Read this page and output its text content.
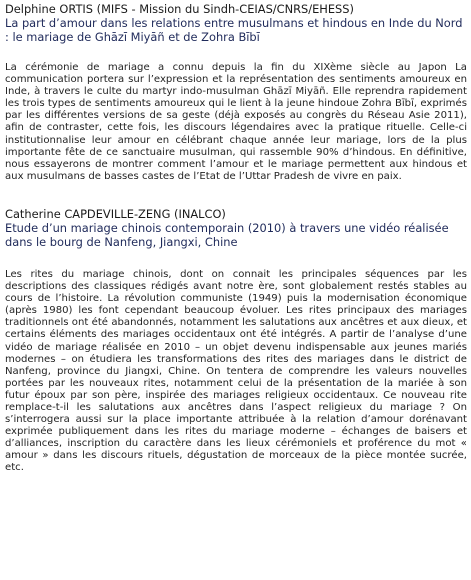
Delphine ORTIS (MIFS - Mission du Sindh-CEIAS/CNRS/EHESS)

La part d’amour dans les relations entre musulmans et hindous en Inde du Nord : le mariage de Ghāzī Miyāñ et de Zohra Bībī

La cérémonie de mariage a connu depuis la fin du XIXème siècle au Japon La communication portera sur l’expression et la représentation des sentiments amoureux en Inde, à travers le culte du martyr indo-musulman Ghāzī Miyāñ. Elle reprendra rapidement les trois types de sentiments amoureux qui le lient à la jeune hindoue Zohra Bībī, exprimés par les différentes versions de sa geste (déjà exposés au congrès du Réseau Asie 2011), afin de contraster, cette fois, les discours légendaires avec la pratique rituelle. Celle-ci institutionnalise leur amour en célébrant chaque année leur mariage, lors de la plus importante fête de ce sanctuaire musulman, qui rassemble 90% d’hindous. En définitive, nous essayerons de montrer comment l’amour et le mariage permettent aux hindous et aux musulmans de basses castes de l’Etat de l’Uttar Pradesh de vivre en paix.

Catherine CAPDEVILLE-ZENG (INALCO)

Etude d’un mariage chinois contemporain (2010) à travers une vidéo réalisée dans le bourg de Nanfeng, Jiangxi, Chine

Les rites du mariage chinois, dont on connait les principales séquences par les descriptions des classiques rédigés avant notre ère, sont globalement restés stables au cours de l’histoire. La révolution communiste (1949) puis la modernisation économique (après 1980) les font cependant beaucoup évoluer. Les rites principaux des mariages traditionnels ont été abandonnés, notamment les salutations aux ancêtres et aux dieux, et certains éléments des mariages occidentaux ont été intégrés. A partir de l’analyse d’une vidéo de mariage réalisée en 2010 – un objet devenu indispensable aux jeunes mariés modernes – on étudiera les transformations des rites des mariages dans le district de Nanfeng, province du Jiangxi, Chine. On tentera de comprendre les valeurs nouvelles portées par les nouveaux rites, notamment celui de la présentation de la mariée à son futur époux par son père, inspirée des mariages religieux occidentaux. Ce nouveau rite remplace-t-il les salutations aux ancêtres dans l’aspect religieux du mariage ? On s’interrogera aussi sur la place importante attribuée à la relation d’amour dorénavant exprimée publiquement dans les rites du mariage moderne – échanges de baisers et d’alliances, inscription du caractère dans les lieux cérémoniels et proférence du mot « amour » dans les discours rituels, dégustation de morceaux de la pièce montée sucrée, etc.
